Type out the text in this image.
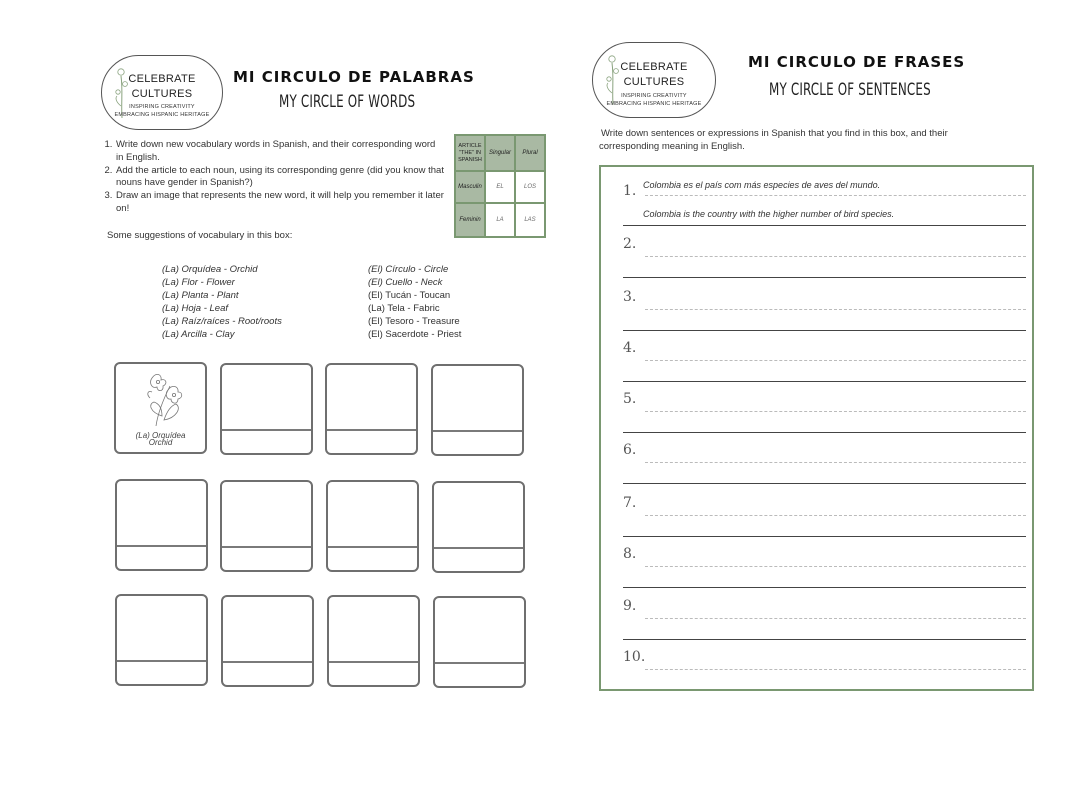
CELEBRATE
CULTURES
INSPIRING CREATIVITY
EMBRACING HISPANIC HERITAGE
MI CIRCULO DE PALABRAS
MY CIRCLE OF WORDS
1. Write down new vocabulary words in Spanish, and their corresponding word in English.
2. Add the article to each noun, using its corresponding genre (did you know that nouns have gender in Spanish?)
3. Draw an image that represents the new word, it will help you remember it later on!
ARTICLE "THE" IN SPANISH	Singular	Plural
Masculin	EL	LOS
Feminin	LA	LAS
Some suggestions of vocabulary in this box:
(La) Orquídea - Orchid
(La) Flor - Flower
(La) Planta - Plant
(La) Hoja - Leaf
(La) Raíz/raíces - Root/roots
(La) Arcilla - Clay
(El) Círculo - Circle
(El) Cuello - Neck
(El) Tucán - Toucan
(La) Tela - Fabric
(El) Tesoro - Treasure
(El) Sacerdote - Priest
(La) Orquídea
Orchid
CELEBRATE
CULTURES
INSPIRING CREATIVITY
EMBRACING HISPANIC HERITAGE
MI CIRCULO DE FRASES
MY CIRCLE OF SENTENCES
Write down sentences or expressions in Spanish that you find in this box, and their corresponding meaning in English.
1. Colombia es el país com más especies de aves del mundo.
Colombia is the country with the higher number of bird species.
2.
3.
4.
5.
6.
7.
8.
9.
10.
